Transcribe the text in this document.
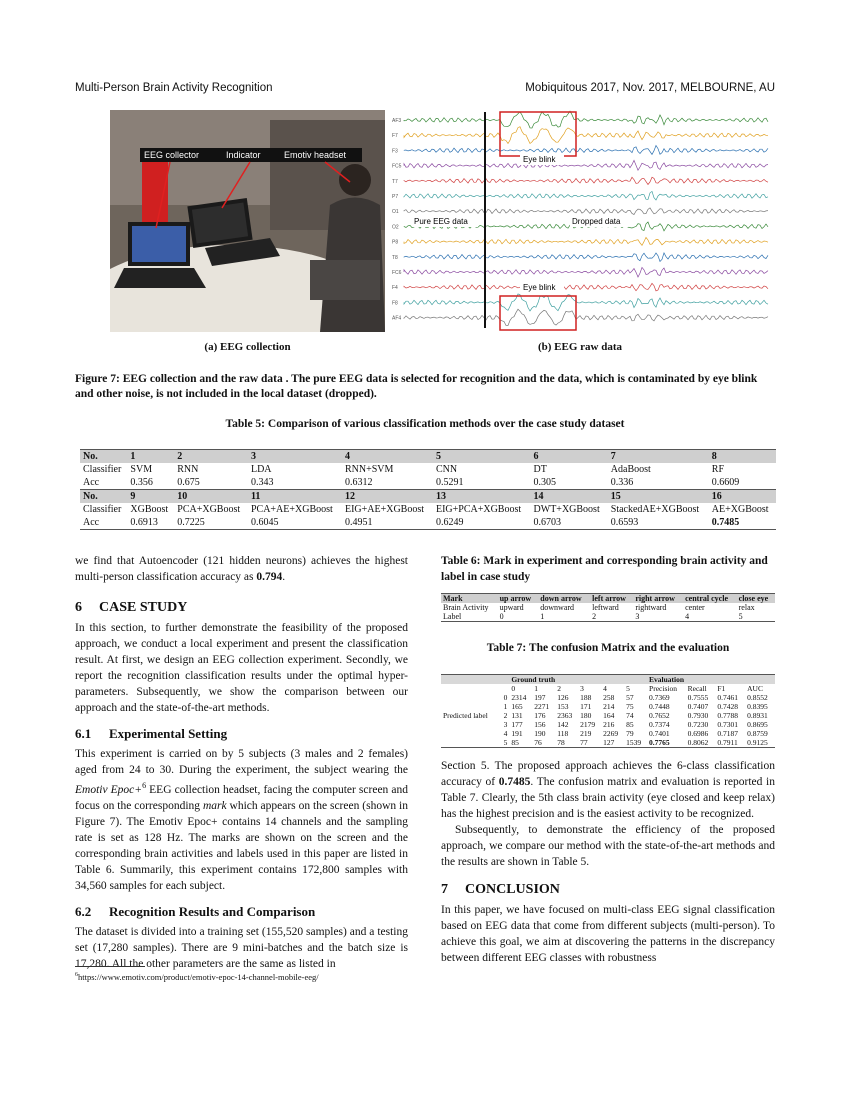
Multi-Person Brain Activity Recognition	Mobiquitous 2017, Nov. 2017, MELBOURNE, AU
EEG collector	Indicator	Emotiv headset
AF3
F7
F3
FC5
T7
P7
O1
O2
P8
T8
FC6
F4
F8
AF4
Eye blink
Pure EEG data	Dropped data
Eye blink
(a) EEG collection	(b) EEG raw data
Figure 7: EEG collection and the raw data . The pure EEG data is selected for recognition and the data, which is contaminated by eye blink and other noise, is not included in the local dataset (dropped).
Table 5: Comparison of various classification methods over the case study dataset
No.	1	2	3	4	5	6	7	8
Classifier	SVM	RNN	LDA	RNN+SVM	CNN	DT	AdaBoost	RF
Acc	0.356	0.675	0.343	0.6312	0.5291	0.305	0.336	0.6609
No.	9	10	11	12	13	14	15	16
Classifier	XGBoost	PCA+XGBoost	PCA+AE+XGBoost	EIG+AE+XGBoost	EIG+PCA+XGBoost	DWT+XGBoost	StackedAE+XGBoost	AE+XGBoost
Acc	0.6913	0.7225	0.6045	0.4951	0.6249	0.6703	0.6593	0.7485

we find that Autoencoder (121 hidden neurons) achieves the highest multi-person classification accuracy as 0.794.

6 CASE STUDY

In this section, to further demonstrate the feasibility of the proposed approach, we conduct a local experiment and present the classification result. At first, we design an EEG collection experiment. Secondly, we report the recognition classification results under the optimal hyper-parameters. Subsequently, we show the comparison between our approach and the state-of-the-art methods.

6.1 Experimental Setting

This experiment is carried on by 5 subjects (3 males and 2 females) aged from 24 to 30. During the experiment, the subject wearing the Emotiv Epoc+$^6$ EEG collection headset, facing the computer screen and focus on the corresponding mark which appears on the screen (shown in Figure 7). The Emotiv Epoc+ contains 14 channels and the sampling rate is set as 128 Hz. The marks are shown on the screen and the corresponding brain activities and labels used in this paper are listed in Table 6. Summarily, this experiment contains 172,800 samples with 34,560 samples for each subject.

6.2 Recognition Results and Comparison

The dataset is divided into a training set (155,520 samples) and a testing set (17,280 samples). There are 9 mini-batches and the batch size is 17,280. All the other parameters are the same as listed in

$^6$https://www.emotiv.com/product/emotiv-epoc-14-channel-mobile-eeg/

Table 6: Mark in experiment and corresponding brain activity and label in case study

Mark	up arrow	down arrow	left arrow	right arrow	central cycle	close eye
Brain Activity	upward	downward	leftward	rightward	center	relax
Label	0	1	2	3	4	5

Table 7: The confusion Matrix and the evaluation

		Ground truth						Evaluation			
		0	1	2	3	4	5	Precision	Recall	F1	AUC
	0	2314	197	126	188	258	57	0.7369	0.7555	0.7461	0.8552
	1	165	2271	153	171	214	75	0.7448	0.7407	0.7428	0.8395
Predicted label	2	131	176	2363	180	164	74	0.7652	0.7930	0.7788	0.8931
	3	177	156	142	2179	216	85	0.7374	0.7230	0.7301	0.8695
	4	191	190	118	219	2269	79	0.7401	0.6986	0.7187	0.8759
	5	85	76	78	77	127	1539	0.7765	0.8062	0.7911	0.9125

Section 5. The proposed approach achieves the 6-class classification accuracy of 0.7485. The confusion matrix and evaluation is reported in Table 7. Clearly, the 5th class brain activity (eye closed and keep relax) has the highest precision and is the easiest activity to be recognized.

Subsequently, to demonstrate the efficiency of the proposed approach, we compare our method with the state-of-the-art methods and the results are shown in Table 5.

7 CONCLUSION

In this paper, we have focused on multi-class EEG signal classification based on EEG data that come from different subjects (multi-person). To achieve this goal, we aim at discovering the patterns in the discrepancy between different EEG classes with robustness
